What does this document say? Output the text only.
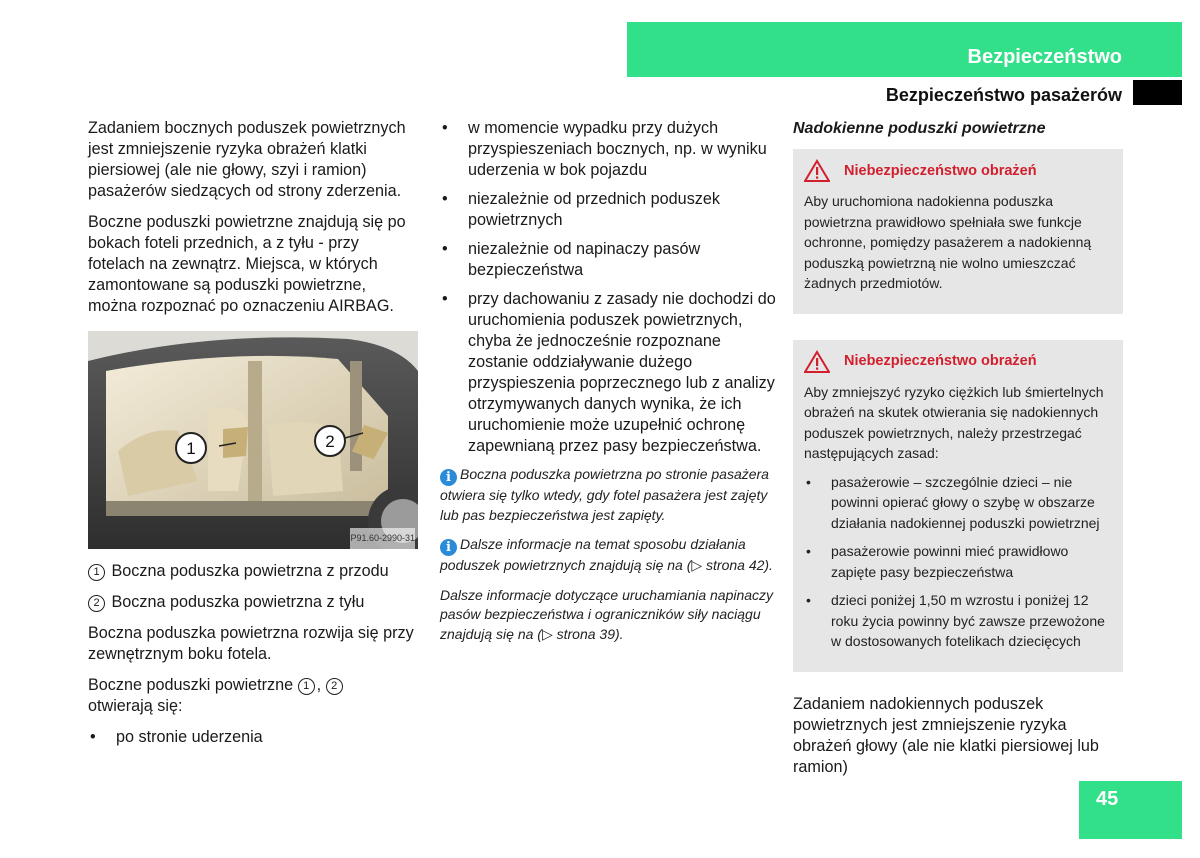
Bezpieczeństwo
Bezpieczeństwo pasażerów

Zadaniem bocznych poduszek powietrznych jest zmniejszenie ryzyka obrażeń klatki piersiowej (ale nie głowy, szyi i ramion) pasażerów siedzących od strony zderzenia.

Boczne poduszki powietrzne znajdują się po bokach foteli przednich, a z tyłu - przy fotelach na zewnątrz. Miejsca, w których zamontowane są poduszki powietrzne, można rozpoznać po oznaczeniu AIRBAG.

1	2
P91.60-2990-31

1 Boczna poduszka powietrzna z przodu

2 Boczna poduszka powietrzna z tyłu

Boczna poduszka powietrzna rozwija się przy zewnętrznym boku fotela.

Boczne poduszki powietrzne 1 , 2
otwierają się:

• po stronie uderzenia
• w momencie wypadku przy dużych przyspieszeniach bocznych, np. w wyniku uderzenia w bok pojazdu
• niezależnie od przednich poduszek powietrznych
• niezależnie od napinaczy pasów bezpieczeństwa
• przy dachowaniu z zasady nie dochodzi do uruchomienia poduszek powietrznych, chyba że jednocześnie rozpoznane zostanie oddziaływanie dużego przyspieszenia poprzecznego lub z analizy otrzymywanych danych wynika, że ich uruchomienie może uzupełnić ochronę zapewnianą przez pasy bezpieczeństwa.

i Boczna poduszka powietrzna po stronie pasażera otwiera się tylko wtedy, gdy fotel pasażera jest zajęty lub pas bezpieczeństwa jest zapięty.

i Dalsze informacje na temat sposobu działania poduszek powietrznych znajdują się na (▷ strona 42).

Dalsze informacje dotyczące uruchamiania napinaczy pasów bezpieczeństwa i ograniczników siły naciągu znajdują się na (▷ strona 39).

Nadokienne poduszki powietrzne

Niebezpieczeństwo obrażeń

Aby uruchomiona nadokienna poduszka powietrzna prawidłowo spełniała swe funkcje ochronne, pomiędzy pasażerem a nadokienną poduszką powietrzną nie wolno umieszczać żadnych przedmiotów.

Niebezpieczeństwo obrażeń

Aby zmniejszyć ryzyko ciężkich lub śmiertelnych obrażeń na skutek otwierania się nadokiennych poduszek powietrznych, należy przestrzegać następujących zasad:

• pasażerowie – szczególnie dzieci – nie powinni opierać głowy o szybę w obszarze działania nadokiennej poduszki powietrznej
• pasażerowie powinni mieć prawidłowo zapięte pasy bezpieczeństwa
• dzieci poniżej 1,50 m wzrostu i poniżej 12 roku życia powinny być zawsze przewożone w dostosowanych fotelikach dziecięcych

Zadaniem nadokiennych poduszek powietrznych jest zmniejszenie ryzyka obrażeń głowy (ale nie klatki piersiowej lub ramion)

45
